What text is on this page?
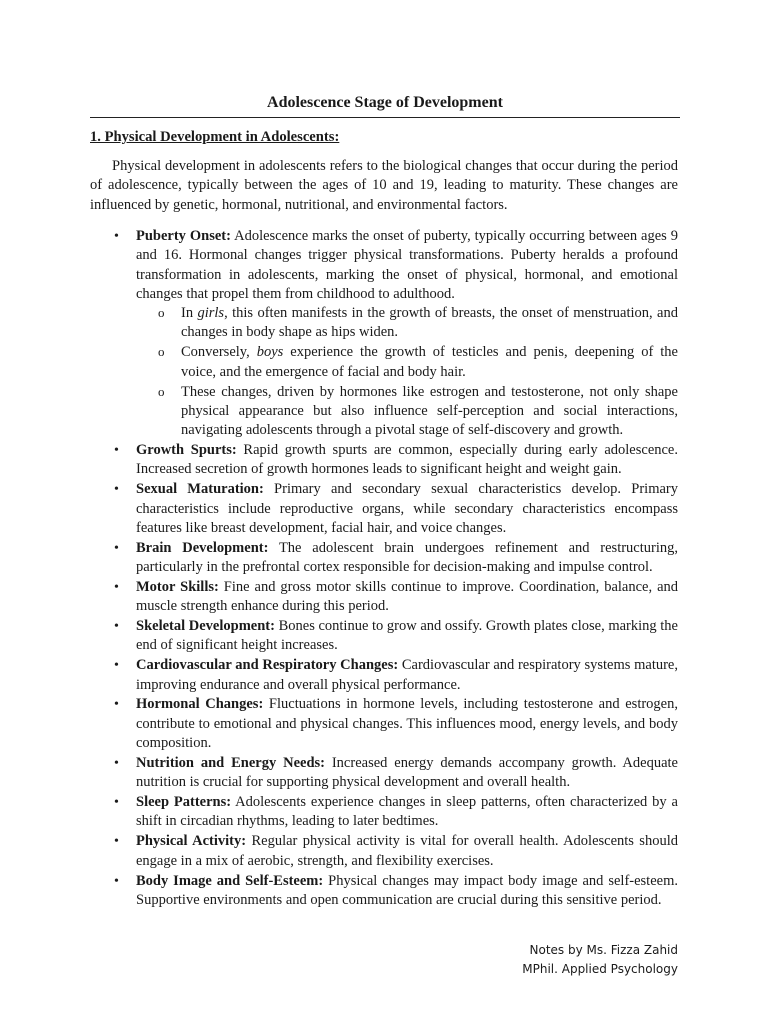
Adolescence Stage of Development
1. Physical Development in Adolescents:

Physical development in adolescents refers to the biological changes that occur during the period of adolescence, typically between the ages of 10 and 19, leading to maturity. These changes are influenced by genetic, hormonal, nutritional, and environmental factors.

• Puberty Onset: Adolescence marks the onset of puberty, typically occurring between ages 9 and 16. Hormonal changes trigger physical transformations. Puberty heralds a profound transformation in adolescents, marking the onset of physical, hormonal, and emotional changes that propel them from childhood to adulthood.
o In girls, this often manifests in the growth of breasts, the onset of menstruation, and changes in body shape as hips widen.
o Conversely, boys experience the growth of testicles and penis, deepening of the voice, and the emergence of facial and body hair.
o These changes, driven by hormones like estrogen and testosterone, not only shape physical appearance but also influence self-perception and social interactions, navigating adolescents through a pivotal stage of self-discovery and growth.
• Growth Spurts: Rapid growth spurts are common, especially during early adolescence. Increased secretion of growth hormones leads to significant height and weight gain.
• Sexual Maturation: Primary and secondary sexual characteristics develop. Primary characteristics include reproductive organs, while secondary characteristics encompass features like breast development, facial hair, and voice changes.
• Brain Development: The adolescent brain undergoes refinement and restructuring, particularly in the prefrontal cortex responsible for decision-making and impulse control.
• Motor Skills: Fine and gross motor skills continue to improve. Coordination, balance, and muscle strength enhance during this period.
• Skeletal Development: Bones continue to grow and ossify. Growth plates close, marking the end of significant height increases.
• Cardiovascular and Respiratory Changes: Cardiovascular and respiratory systems mature, improving endurance and overall physical performance.
• Hormonal Changes: Fluctuations in hormone levels, including testosterone and estrogen, contribute to emotional and physical changes. This influences mood, energy levels, and body composition.
• Nutrition and Energy Needs: Increased energy demands accompany growth. Adequate nutrition is crucial for supporting physical development and overall health.
• Sleep Patterns: Adolescents experience changes in sleep patterns, often characterized by a shift in circadian rhythms, leading to later bedtimes.
• Physical Activity: Regular physical activity is vital for overall health. Adolescents should engage in a mix of aerobic, strength, and flexibility exercises.
• Body Image and Self-Esteem: Physical changes may impact body image and self-esteem. Supportive environments and open communication are crucial during this sensitive period.
Notes by Ms. Fizza Zahid
MPhil. Applied Psychology
